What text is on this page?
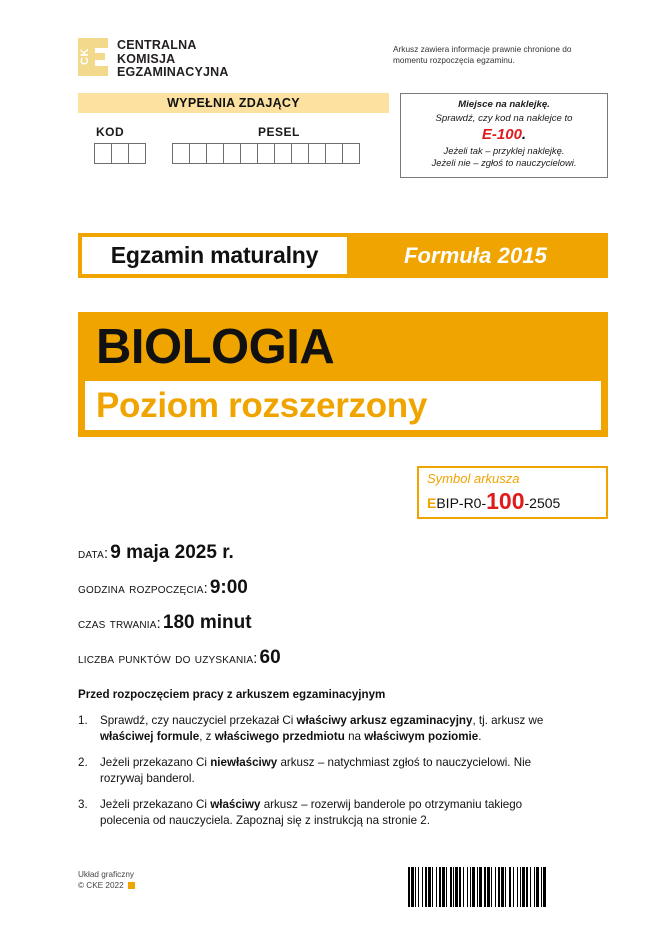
CK
CENTRALNA
KOMISJA
EGZAMINACYJNA
Arkusz zawiera informacje prawnie chronione do momentu rozpoczęcia egzaminu.
WYPEŁNIA ZDAJĄCY
KOD	PESEL
Miejsce na naklejkę.
Sprawdź, czy kod na naklejce to
E-100.
Jeżeli tak – przyklej naklejkę.
Jeżeli nie – zgłoś to nauczycielowi.
Egzamin maturalny	Formuła 2015
BIOLOGIA
Poziom rozszerzony
Symbol arkusza
EBIP-R0-100-2505
data: 9 maja 2025 r.
godzina rozpoczęcia: 9:00
czas trwania: 180 minut
liczba punktów do uzyskania: 60
Przed rozpoczęciem pracy z arkuszem egzaminacyjnym
1.	Sprawdź, czy nauczyciel przekazał Ci właściwy arkusz egzaminacyjny, tj. arkusz we właściwej formule, z właściwego przedmiotu na właściwym poziomie.
2.	Jeżeli przekazano Ci niewłaściwy arkusz – natychmiast zgłoś to nauczycielowi. Nie rozrywaj banderol.
3.	Jeżeli przekazano Ci właściwy arkusz – rozerwij banderole po otrzymaniu takiego polecenia od nauczyciela. Zapoznaj się z instrukcją na stronie 2.
Układ graficzny
© CKE 2022
